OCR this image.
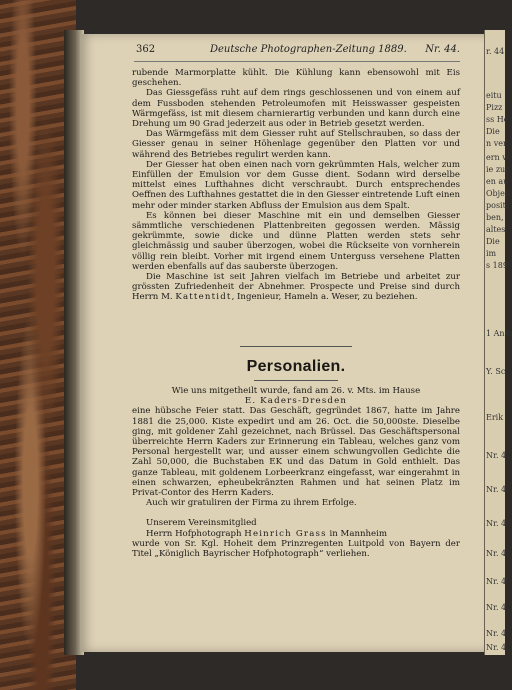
r. 44
eitu
Pizz
ss He
Die
n ver
ern w
ie zur
en au
Objek
positi
ben,
altes
Die
im
s 189
1 Anm
Y. Sc
Erik
Nr. 4
Nr. 4
Nr. 4
Nr. 4
Nr. 4
Nr. 4
Nr. 4
Nr. 4
362	Deutsche Photographen-Zeitung 1889. Nr. 44.

rubende Marmorplatte kühlt. Die Kühlung kann ebensowohl mit Eis geschehen.

Das Giessgefäss ruht auf dem rings geschlossenen und von einem auf dem Fussboden stehenden Petroleumofen mit Heisswasser gespeisten Wärmgefäss, ist mit diesem charnierartig verbunden und kann durch eine Drehung um 90 Grad jederzeit aus oder in Betrieb gesetzt werden.

Das Wärmgefäss mit dem Giesser ruht auf Stellschrauben, so dass der Giesser genau in seiner Höhenlage gegenüber den Platten vor und während des Betriebes regulirt werden kann.

Der Giesser hat oben einen nach vorn gekrümmten Hals, welcher zum Einfüllen der Emulsion vor dem Gusse dient. Sodann wird derselbe mittelst eines Lufthahnes dicht verschraubt. Durch entsprechendes Oeffnen des Lufthahnes gestattet die in den Giesser eintretende Luft einen mehr oder minder starken Abfluss der Emulsion aus dem Spalt.

Es können bei dieser Maschine mit ein und demselben Giesser sämmtliche verschiedenen Plattenbreiten gegossen werden. Mässig gekrümmte, sowie dicke und dünne Platten werden stets sehr gleichmässig und sauber überzogen, wobei die Rückseite von vornherein völlig rein bleibt. Vorher mit irgend einem Unterguss versehene Platten werden ebenfalls auf das sauberste überzogen.

Die Maschine ist seit Jahren vielfach im Betriebe und arbeitet zur grössten Zufriedenheit der Abnehmer. Prospecte und Preise sind durch Herrn M. Kattentidt, Ingenieur, Hameln a. Weser, zu beziehen.

Personalien.

Wie uns mitgetheilt wurde, fand am 26. v. Mts. im Hause

E. Kaders-Dresden

eine hübsche Feier statt. Das Geschäft, gegründet 1867, hatte im Jahre 1881 die 25,000. Kiste expedirt und am 26. Oct. die 50,000ste. Dieselbe ging, mit goldener Zahl gezeichnet, nach Brüssel. Das Geschäftspersonal überreichte Herrn Kaders zur Erinnerung ein Tableau, welches ganz vom Personal hergestellt war, und ausser einem schwungvollen Gedichte die Zahl 50,000, die Buchstaben EK und das Datum in Gold enthielt. Das ganze Tableau, mit goldenem Lorbeerkranz eingefasst, war eingerahmt in einen schwarzen, epheubekränzten Rahmen und hat seinen Platz im Privat-Contor des Herrn Kaders.

Auch wir gratuliren der Firma zu ihrem Erfolge.

Unserem Vereinsmitglied

Herrn Hofphotograph Heinrich Grass in Mannheim

wurde von Sr. Kgl. Hoheit dem Prinzregenten Luitpold von Bayern der Titel „Königlich Bayrischer Hofphotograph“ verliehen.
